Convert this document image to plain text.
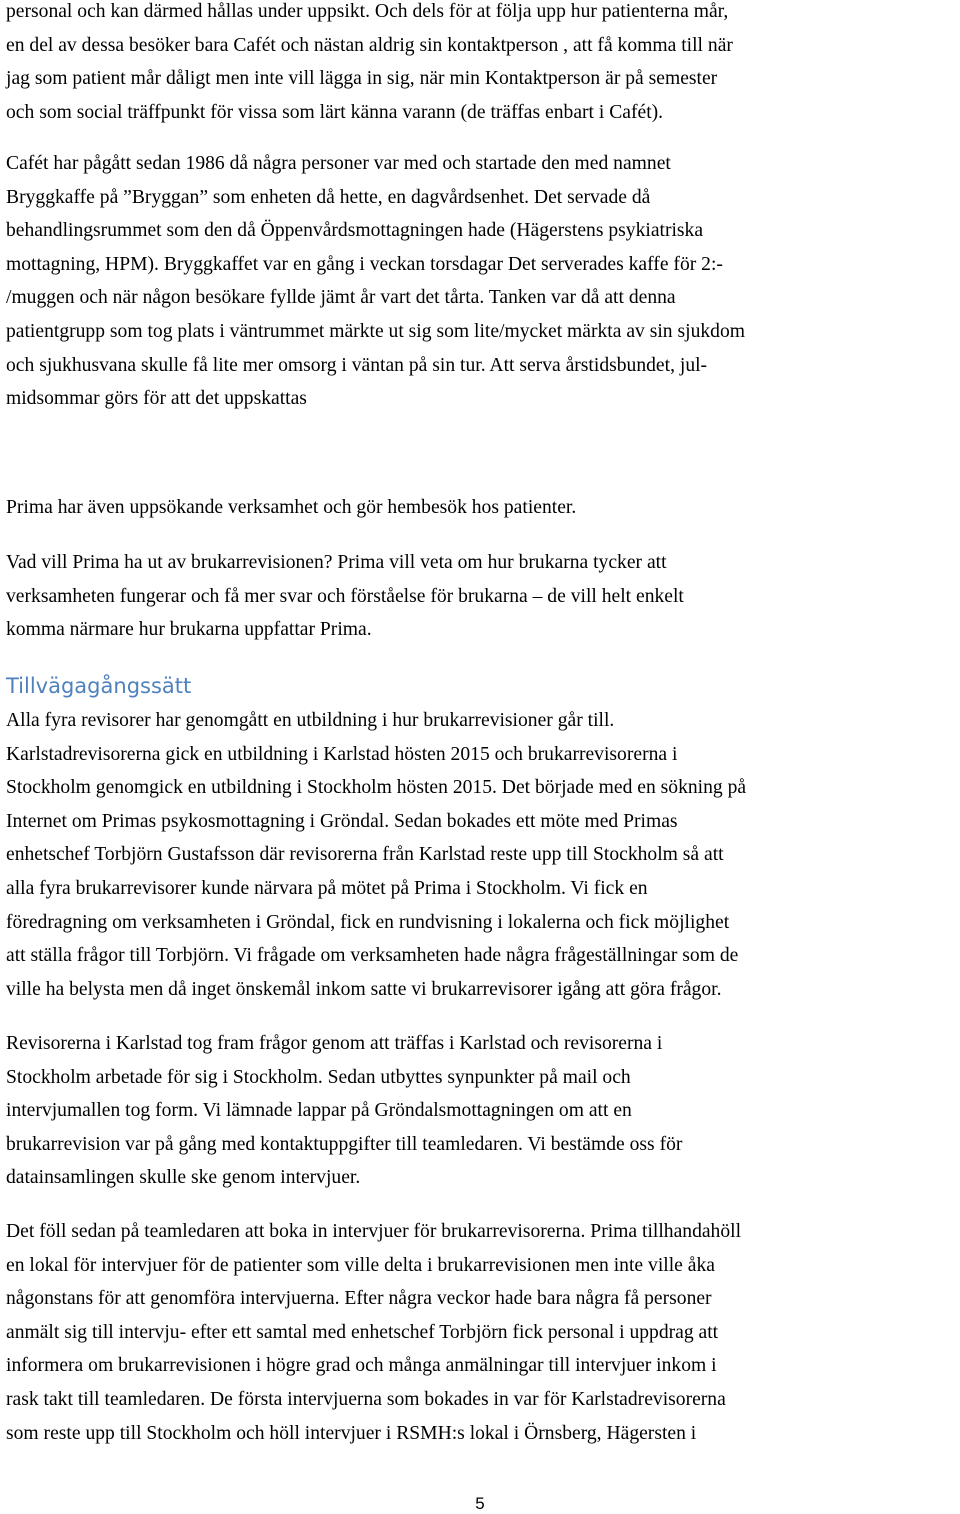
personal och kan därmed hållas under uppsikt. Och dels för at följa upp hur patienterna mår,
en del av dessa besöker bara Cafét och nästan aldrig sin kontaktperson , att få komma till när
jag som patient mår dåligt men inte vill lägga in sig, när min Kontaktperson är på semester
och som social träffpunkt för vissa som lärt känna varann (de träffas enbart i Cafét).
Cafét har pågått sedan 1986 då några personer var med och startade den med namnet
Bryggkaffe på ”Bryggan” som enheten då hette, en dagvårdsenhet. Det servade då
behandlingsrummet som den då Öppenvårdsmottagningen hade (Hägerstens psykiatriska
mottagning, HPM). Bryggkaffet var en gång i veckan torsdagar Det serverades kaffe för 2:-
/muggen och när någon besökare fyllde jämt år vart det tårta. Tanken var då att denna
patientgrupp som tog plats i väntrummet märkte ut sig som lite/mycket märkta av sin sjukdom
och sjukhusvana skulle få lite mer omsorg i väntan på sin tur. Att serva årstidsbundet, jul-
midsommar görs för att det uppskattas
Prima har även uppsökande verksamhet och gör hembesök hos patienter.
Vad vill Prima ha ut av brukarrevisionen? Prima vill veta om hur brukarna tycker att
verksamheten fungerar och få mer svar och förståelse för brukarna – de vill helt enkelt
komma närmare hur brukarna uppfattar Prima.
Tillvägagångssätt
Alla fyra revisorer har genomgått en utbildning i hur brukarrevisioner går till.
Karlstadrevisorerna gick en utbildning i Karlstad hösten 2015 och brukarrevisorerna i
Stockholm genomgick en utbildning i Stockholm hösten 2015. Det började med en sökning på
Internet om Primas psykosmottagning i Gröndal. Sedan bokades ett möte med Primas
enhetschef Torbjörn Gustafsson där revisorerna från Karlstad reste upp till Stockholm så att
alla fyra brukarrevisorer kunde närvara på mötet på Prima i Stockholm. Vi fick en
föredragning om verksamheten i Gröndal, fick en rundvisning i lokalerna och fick möjlighet
att ställa frågor till Torbjörn. Vi frågade om verksamheten hade några frågeställningar som de
ville ha belysta men då inget önskemål inkom satte vi brukarrevisorer igång att göra frågor.
Revisorerna i Karlstad tog fram frågor genom att träffas i Karlstad och revisorerna i
Stockholm arbetade för sig i Stockholm. Sedan utbyttes synpunkter på mail och
intervjumallen tog form. Vi lämnade lappar på Gröndalsmottagningen om att en
brukarrevision var på gång med kontaktuppgifter till teamledaren. Vi bestämde oss för
datainsamlingen skulle ske genom intervjuer.
Det föll sedan på teamledaren att boka in intervjuer för brukarrevisorerna. Prima tillhandahöll
en lokal för intervjuer för de patienter som ville delta i brukarrevisionen men inte ville åka
någonstans för att genomföra intervjuerna. Efter några veckor hade bara några få personer
anmält sig till intervju- efter ett samtal med enhetschef Torbjörn fick personal i uppdrag att
informera om brukarrevisionen i högre grad och många anmälningar till intervjuer inkom i
rask takt till teamledaren. De första intervjuerna som bokades in var för Karlstadrevisorerna
som reste upp till Stockholm och höll intervjuer i RSMH:s lokal i Örnsberg, Hägersten i
5
